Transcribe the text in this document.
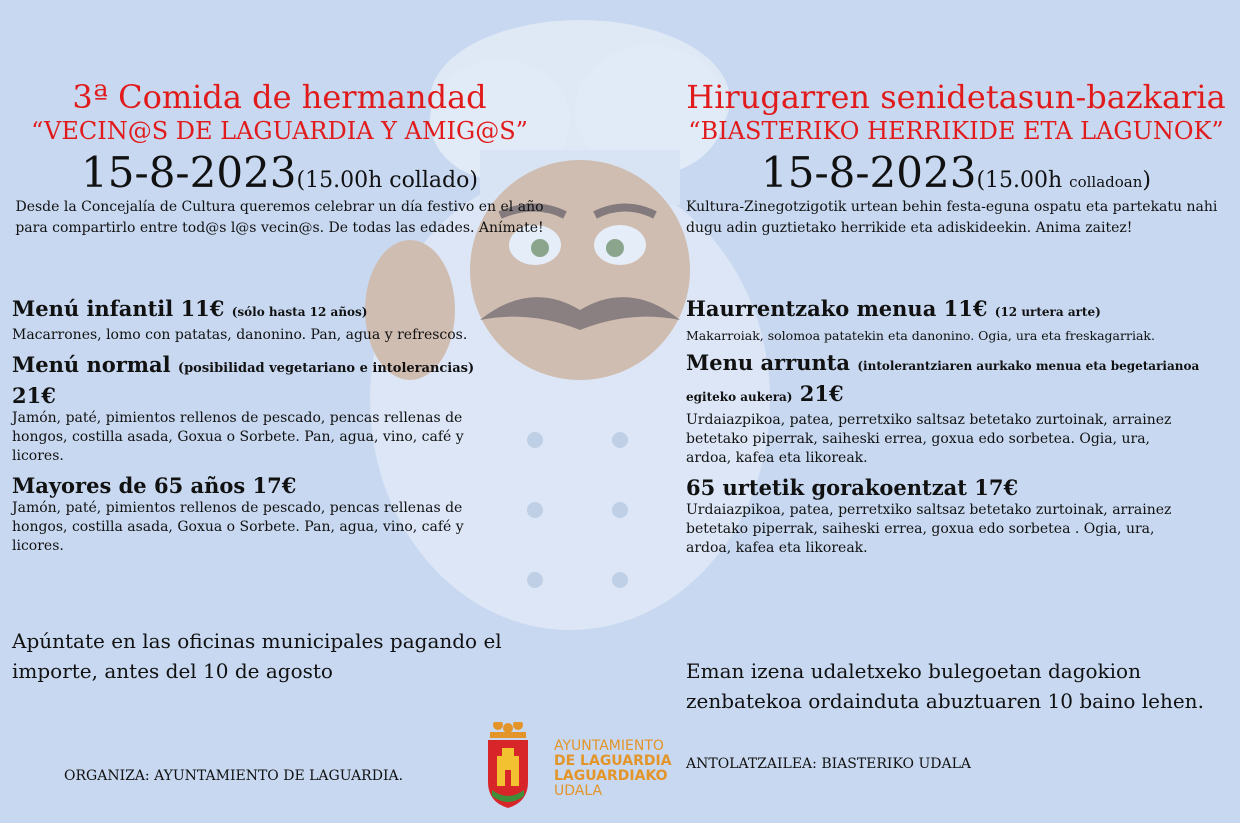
3ª Comida de hermandad
“VECIN@S DE LAGUARDIA Y AMIG@S”
15-8-2023(15.00h collado)
Desde la Concejalía de Cultura queremos celebrar un día festivo en el año para compartirlo entre tod@s l@s vecin@s. De todas las edades. Anímate!
Menú infantil 11€ (sólo hasta 12 años)
Macarrones, lomo con patatas, danonino. Pan, agua y refrescos.
Menú normal (posibilidad vegetariano e intolerancias)
21€
Jamón, paté, pimientos rellenos de pescado, pencas rellenas de hongos, costilla asada, Goxua o Sorbete. Pan, agua, vino, café y licores.
Mayores de 65 años 17€
Jamón, paté, pimientos rellenos de pescado, pencas rellenas de hongos, costilla asada, Goxua o Sorbete. Pan, agua, vino, café y licores.
Apúntate en las oficinas municipales pagando el importe, antes del 10 de agosto
ORGANIZA: AYUNTAMIENTO DE LAGUARDIA.
Hirugarren senidetasun-bazkaria
“BIASTERIKO HERRIKIDE ETA LAGUNOK”
15-8-2023(15.00h colladoan)
Kultura-Zinegotzigotik urtean behin festa-eguna ospatu eta partekatu nahi dugu adin guztietako herrikide eta adiskideekin. Anima zaitez!
Haurrentzako menua 11€ (12 urtera arte)
Makarroiak, solomoa patatekin eta danonino. Ogia, ura eta freskagarriak.
Menu arrunta (intolerantziaren aurkako menua eta begetarianoa egiteko aukera) 21€
Urdaiazpikoa, patea, perretxiko saltsaz betetako zurtoinak, arrainez betetako piperrak, saiheski errea, goxua edo sorbetea. Ogia, ura, ardoa, kafea eta likoreak.
65 urtetik gorakoentzat 17€
Urdaiazpikoa, patea, perretxiko saltsaz betetako zurtoinak, arrainez betetako piperrak, saiheski errea, goxua edo sorbetea . Ogia, ura, ardoa, kafea eta likoreak.
Eman izena udaletxeko bulegoetan dagokion zenbatekoa ordainduta abuztuaren 10 baino lehen.
ANTOLATZAILEA: BIASTERIKO UDALA
AYUNTAMIENTO
DE LAGUARDIA
LAGUARDIAKO
UDALA
